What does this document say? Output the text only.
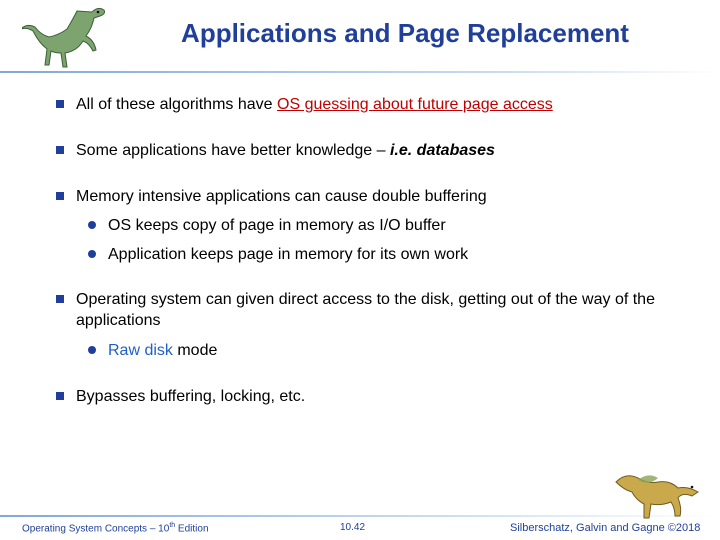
Applications and Page Replacement
All of these algorithms have OS guessing about future page access
Some applications have better knowledge – i.e. databases
Memory intensive applications can cause double buffering
OS keeps copy of page in memory as I/O buffer
Application keeps page in memory for its own work
Operating system can given direct access to the disk, getting out of the way of the applications
Raw disk mode
Bypasses buffering, locking, etc.
Operating System Concepts – 10th Edition	10.42	Silberschatz, Galvin and Gagne ©2018
